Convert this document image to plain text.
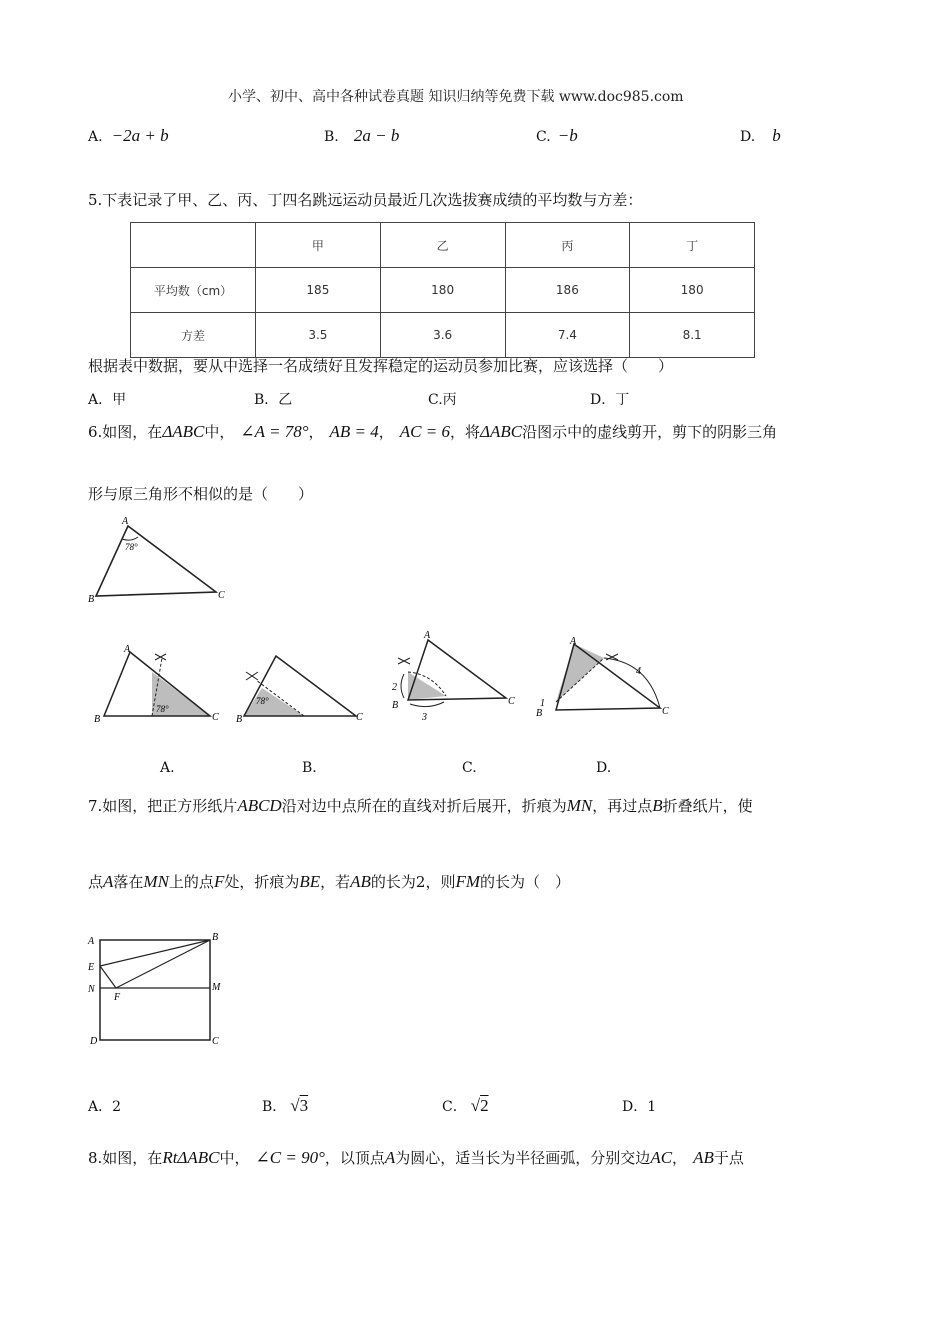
小学、初中、高中各种试卷真题 知识归纳等免费下载 www.doc985.com
A. −2a + b	B. 2a − b	C. −b	D. b
5.下表记录了甲、乙、丙、丁四名跳远运动员最近几次选拔赛成绩的平均数与方差：
	甲	乙	丙	丁
平均数（cm）	185	180	186	180
方差	3.5	3.6	7.4	8.1
根据表中数据，要从中选择一名成绩好且发挥稳定的运动员参加比赛，应该选择（　　）
A．甲	B．乙	C.丙	D．丁
6.如图，在ΔABC中， ∠A = 78°， AB = 4， AC = 6，将ΔABC沿图示中的虚线剪开，剪下的阴影三角
形与原三角形不相似的是（　　）
A
78°
B	C
A
B	C
78°
B	C
78°
A
B	C
2
3
A
B	C
1
4
A.	B.	C.	D.
7.如图，把正方形纸片ABCD沿对边中点所在的直线对折后展开，折痕为MN，再过点B折叠纸片，使
点A落在MN上的点F处，折痕为BE，若AB的长为2，则FM的长为（　）
A	B
E
N
F
M
D	C
A．2	B． √3	C． √2	D．1
8.如图，在RtΔABC中， ∠C = 90°，以顶点A为圆心，适当长为半径画弧，分别交边AC， AB于点
